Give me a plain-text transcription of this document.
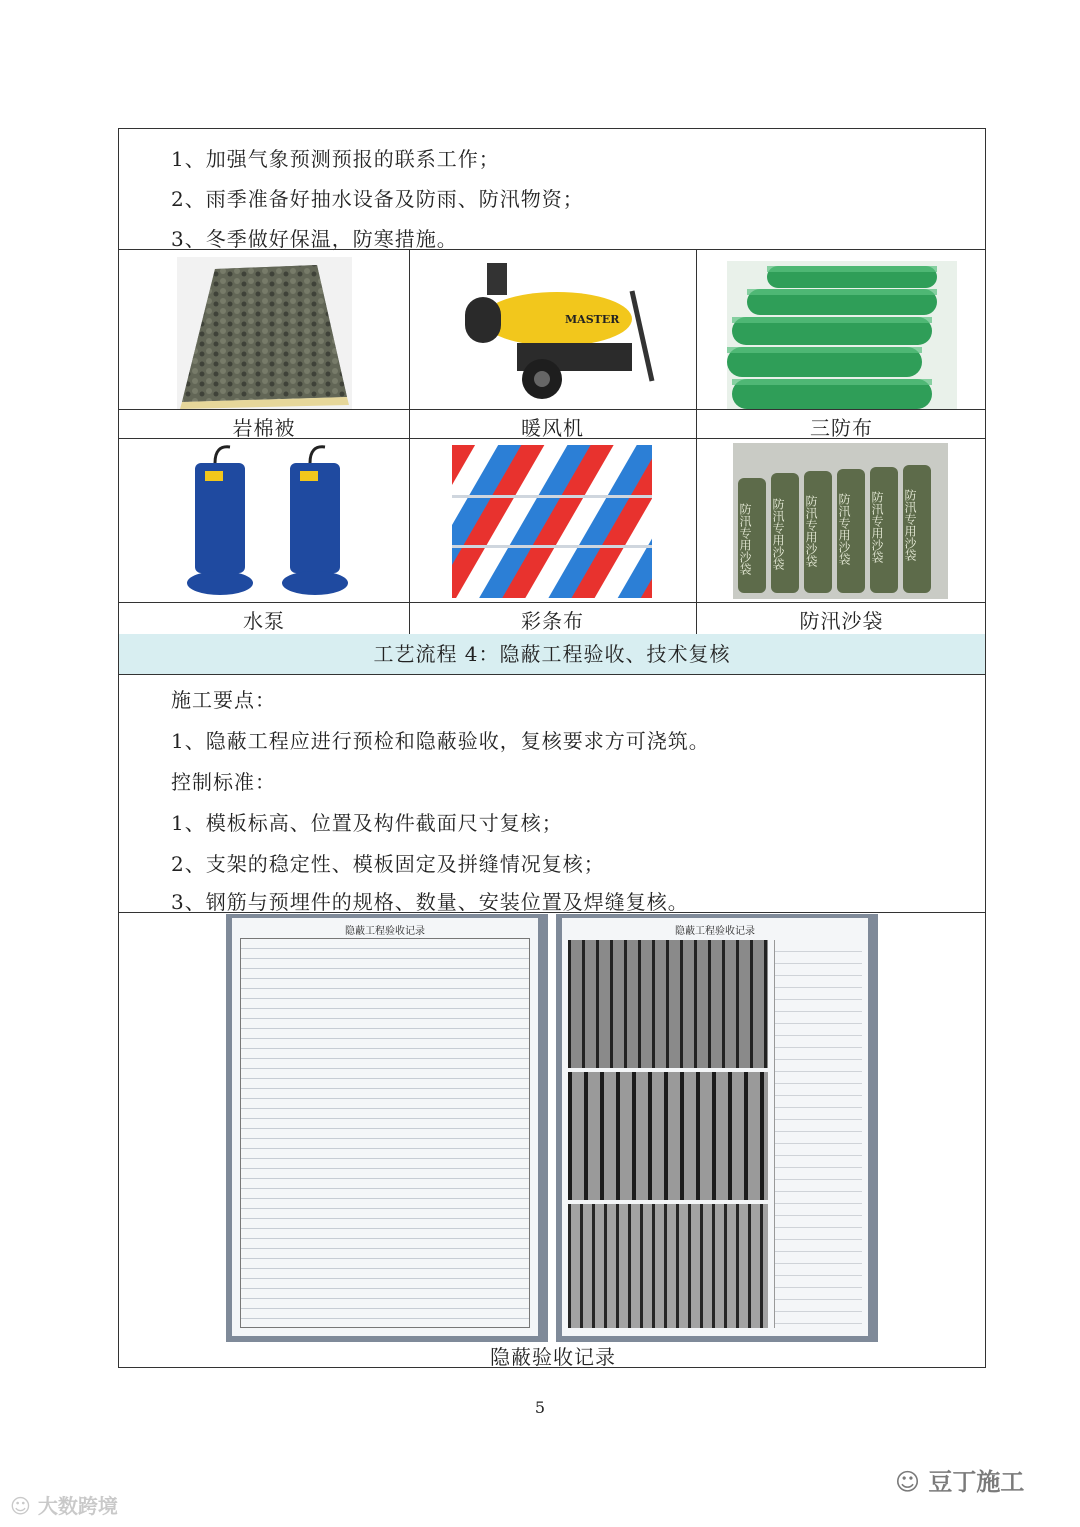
1、加强气象预测预报的联系工作；
2、雨季准备好抽水设备及防雨、防汛物资；
3、冬季做好保温，防寒措施。
MASTER
岩棉被	暖风机	三防布
防汛专用沙袋 防汛专用沙袋 防汛专用沙袋 防汛专用沙袋 防汛专用沙袋 防汛专用沙袋
水泵	彩条布	防汛沙袋
工艺流程 4：隐蔽工程验收、技术复核
施工要点：
1、隐蔽工程应进行预检和隐蔽验收，复核要求方可浇筑。
控制标准：
1、模板标高、位置及构件截面尺寸复核；
2、支架的稳定性、模板固定及拼缝情况复核；
3、钢筋与预埋件的规格、数量、安装位置及焊缝复核。
隐蔽工程验收记录	隐蔽工程验收记录
隐蔽验收记录
5
☺ 大数跨境
☺ 豆丁施工
